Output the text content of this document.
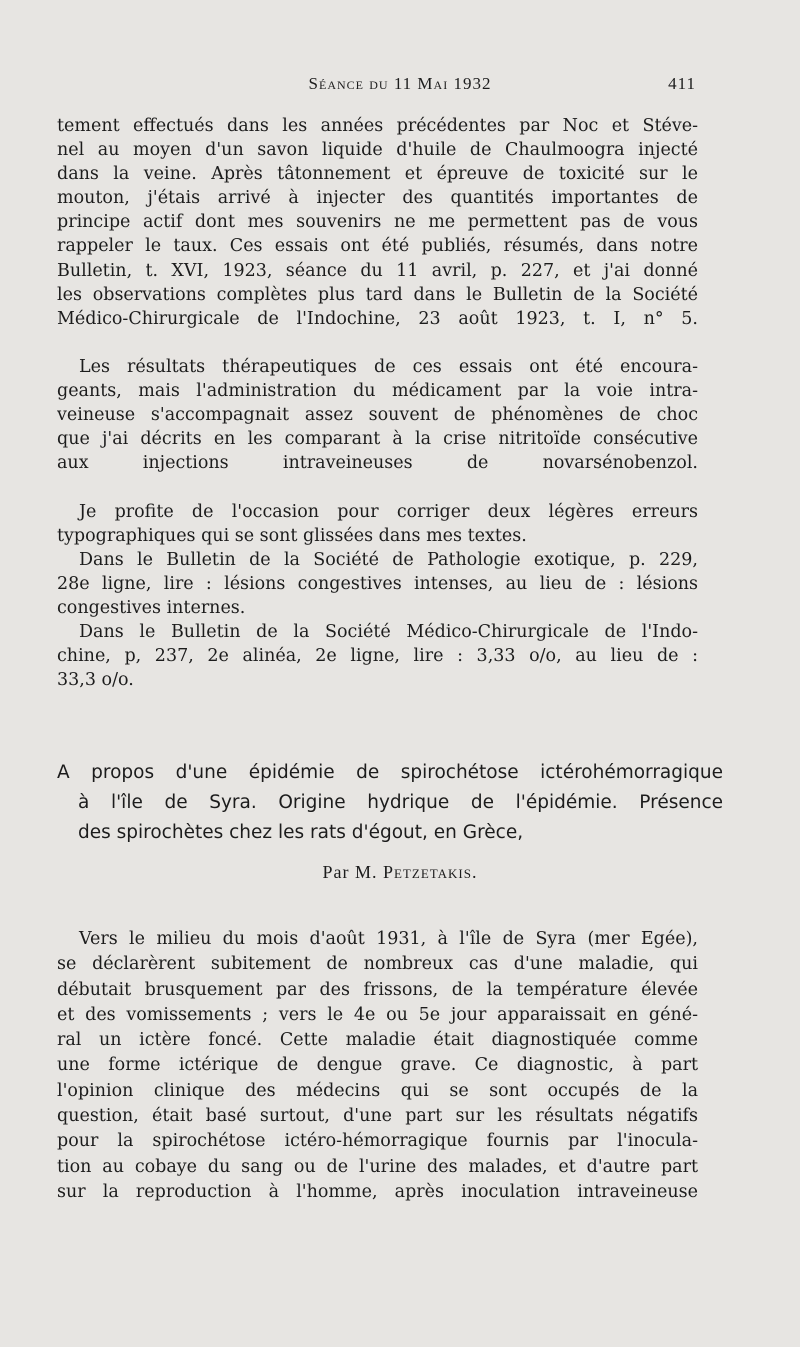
Séance du 11 Mai 1932	411
tement effectués dans les années précédentes par Noc et Stéve-
nel au moyen d'un savon liquide d'huile de Chaulmoogra injecté
dans la veine. Après tâtonnement et épreuve de toxicité sur le
mouton, j'étais arrivé à injecter des quantités importantes de
principe actif dont mes souvenirs ne me permettent pas de vous
rappeler le taux. Ces essais ont été publiés, résumés, dans notre
Bulletin, t. XVI, 1923, séance du 11 avril, p. 227, et j'ai donné
les observations complètes plus tard dans le Bulletin de la Société
Médico-Chirurgicale de l'Indochine, 23 août 1923, t. I, n° 5.
Les résultats thérapeutiques de ces essais ont été encoura-
geants, mais l'administration du médicament par la voie intra-
veineuse s'accompagnait assez souvent de phénomènes de choc
que j'ai décrits en les comparant à la crise nitritoïde consécutive
aux injections intraveineuses de novarsénobenzol.
Je profite de l'occasion pour corriger deux légères erreurs
typographiques qui se sont glissées dans mes textes.
Dans le Bulletin de la Société de Pathologie exotique, p. 229,
28e ligne, lire : lésions congestives intenses, au lieu de : lésions
congestives internes.
Dans le Bulletin de la Société Médico-Chirurgicale de l'Indo-
chine, p, 237, 2e alinéa, 2e ligne, lire : 3,33 o/o, au lieu de :
33,3 o/o.
A propos d'une épidémie de spirochétose ictérohémorragique
à l'île de Syra. Origine hydrique de l'épidémie. Présence
des spirochètes chez les rats d'égout, en Grèce,
Par M. Petzetakis.
Vers le milieu du mois d'août 1931, à l'île de Syra (mer Egée),
se déclarèrent subitement de nombreux cas d'une maladie, qui
débutait brusquement par des frissons, de la température élevée
et des vomissements ; vers le 4e ou 5e jour apparaissait en géné-
ral un ictère foncé. Cette maladie était diagnostiquée comme
une forme ictérique de dengue grave. Ce diagnostic, à part
l'opinion clinique des médecins qui se sont occupés de la
question, était basé surtout, d'une part sur les résultats négatifs
pour la spirochétose ictéro-hémorragique fournis par l'inocula-
tion au cobaye du sang ou de l'urine des malades, et d'autre part
sur la reproduction à l'homme, après inoculation intraveineuse
